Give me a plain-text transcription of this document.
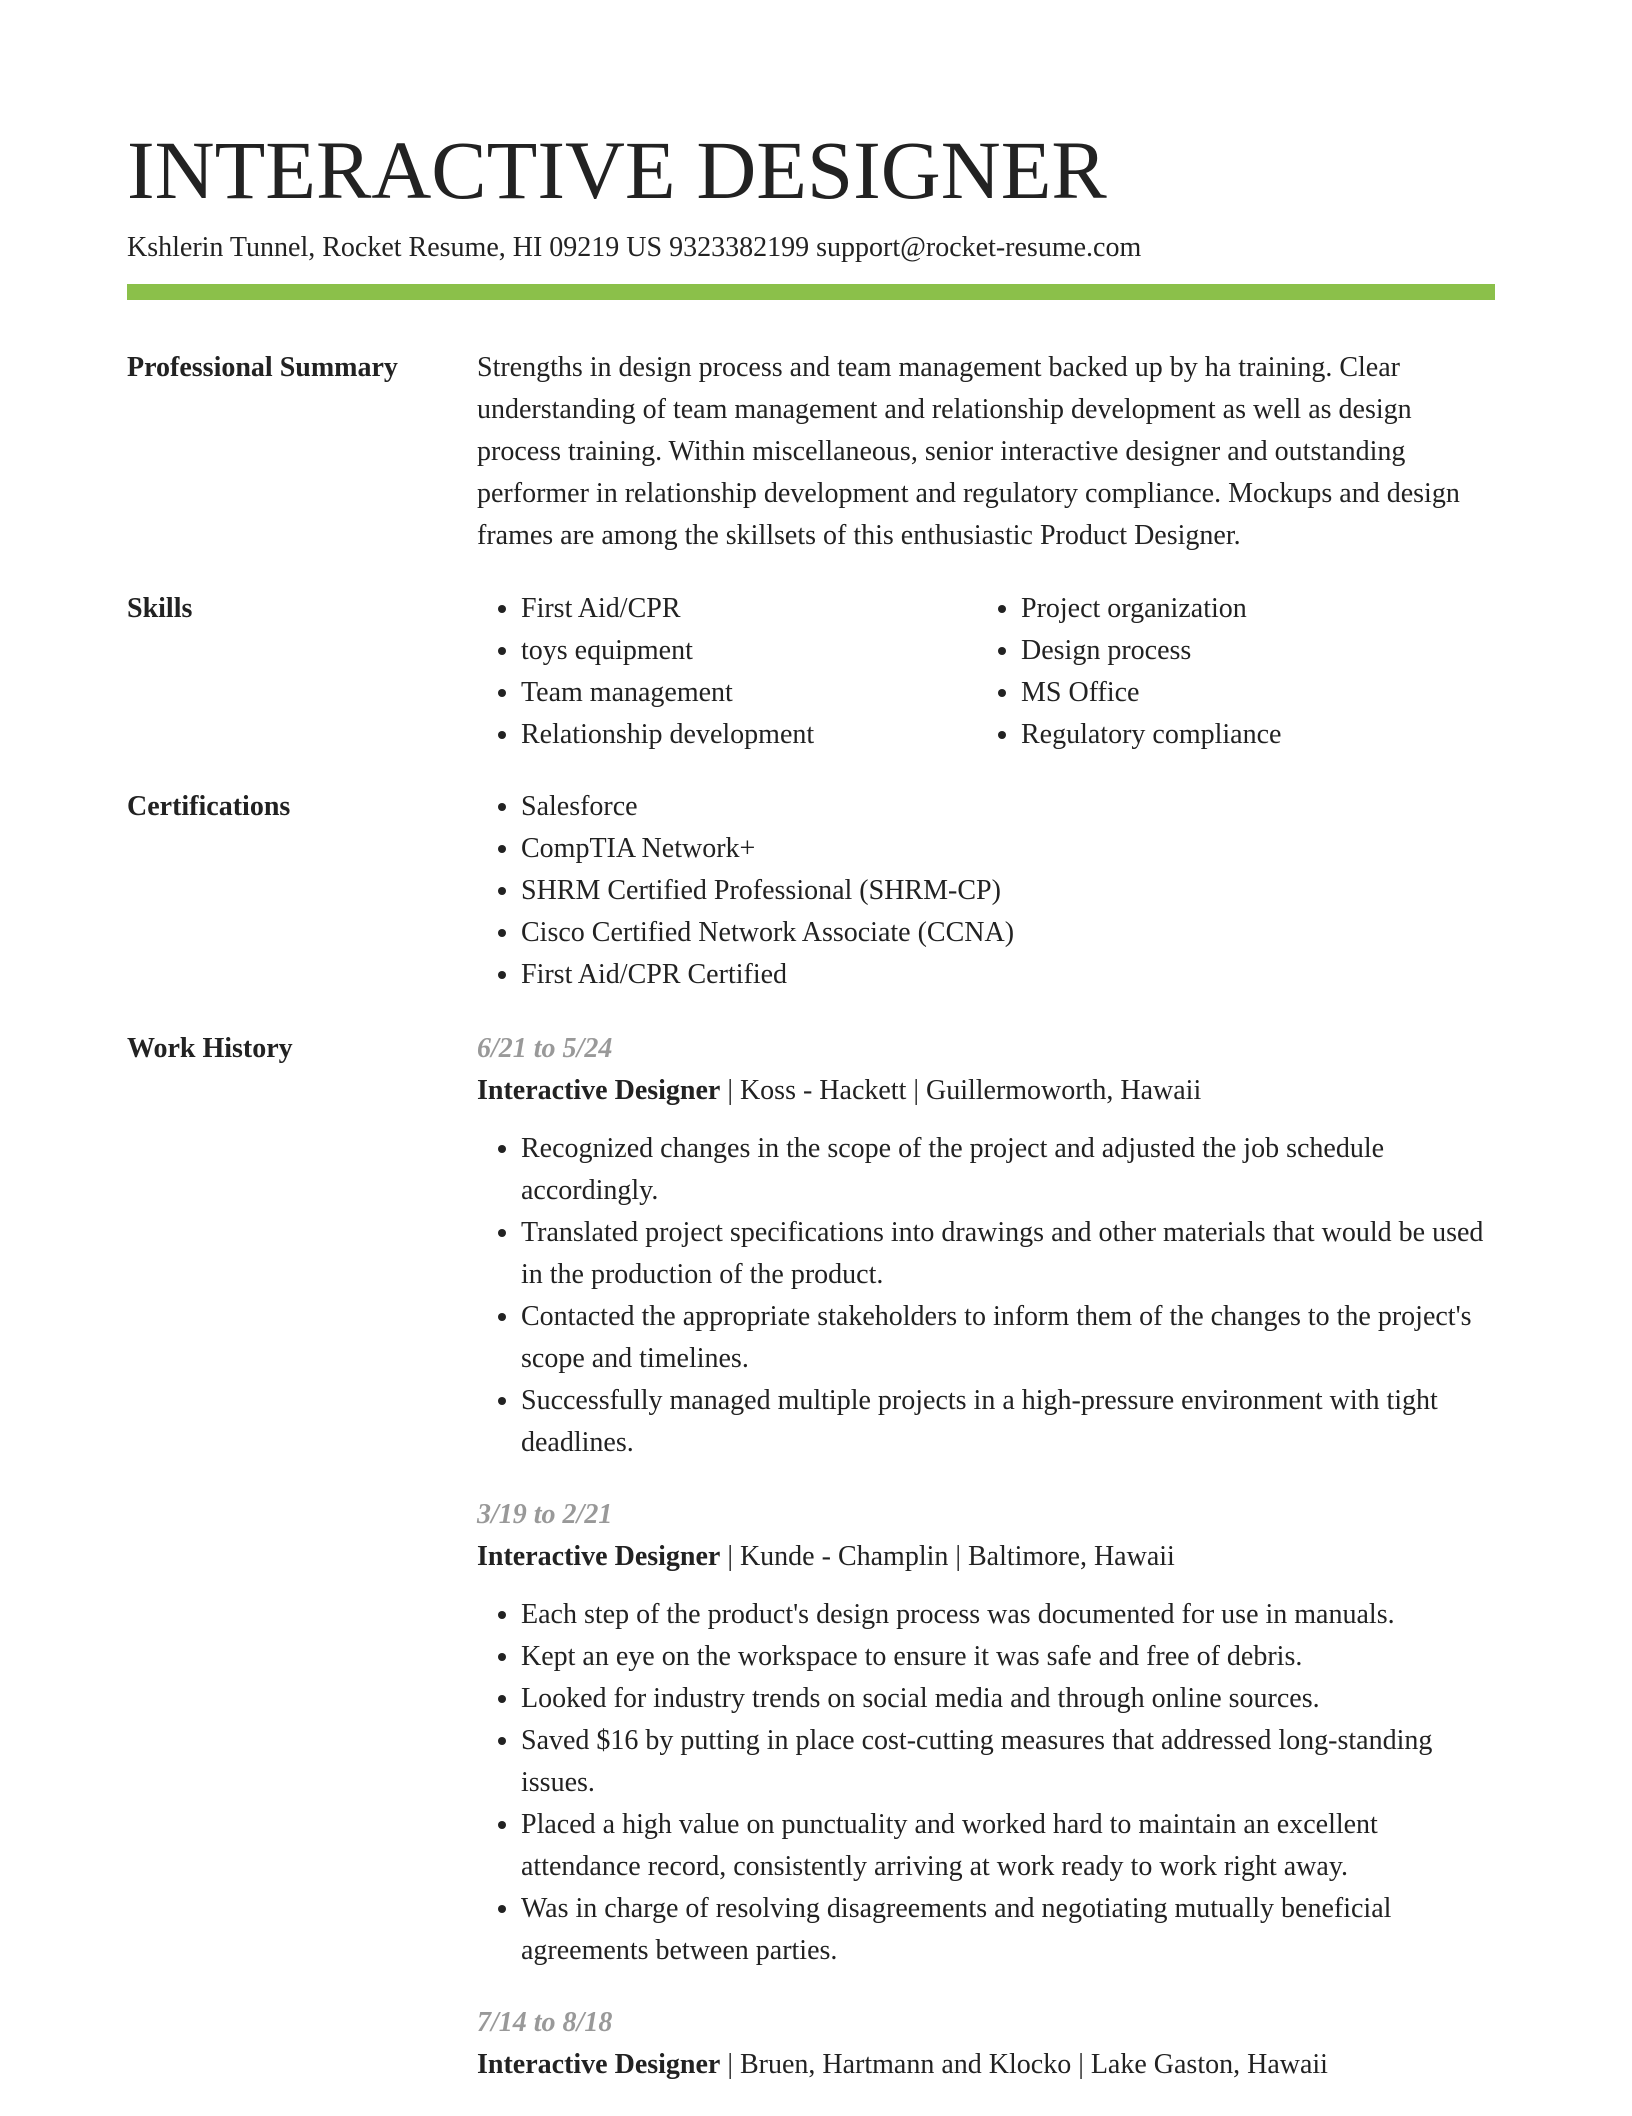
INTERACTIVE DESIGNER
Kshlerin Tunnel, Rocket Resume, HI 09219 US 9323382199 support@rocket-resume.com
Professional Summary	Strengths in design process and team management backed up by ha training. Clear understanding of team management and relationship development as well as design process training. Within miscellaneous, senior interactive designer and outstanding performer in relationship development and regulatory compliance. Mockups and design frames are among the skillsets of this enthusiastic Product Designer.

Skills	• First Aid/CPR
• toys equipment
• Team management
• Relationship development
• Project organization
• Design process
• MS Office
• Regulatory compliance
Certifications	• Salesforce
• CompTIA Network+
• SHRM Certified Professional (SHRM-CP)
• Cisco Certified Network Associate (CCNA)
• First Aid/CPR Certified
Work History	6/21 to 5/24

Interactive Designer | Koss - Hackett | Guillermoworth, Hawaii

• Recognized changes in the scope of the project and adjusted the job schedule accordingly.
• Translated project specifications into drawings and other materials that would be used in the production of the product.
• Contacted the appropriate stakeholders to inform them of the changes to the project's scope and timelines.
• Successfully managed multiple projects in a high-pressure environment with tight deadlines.

3/19 to 2/21

Interactive Designer | Kunde - Champlin | Baltimore, Hawaii

• Each step of the product's design process was documented for use in manuals.
• Kept an eye on the workspace to ensure it was safe and free of debris.
• Looked for industry trends on social media and through online sources.
• Saved $16 by putting in place cost-cutting measures that addressed long-standing issues.
• Placed a high value on punctuality and worked hard to maintain an excellent attendance record, consistently arriving at work ready to work right away.
• Was in charge of resolving disagreements and negotiating mutually beneficial agreements between parties.

7/14 to 8/18

Interactive Designer | Bruen, Hartmann and Klocko | Lake Gaston, Hawaii
